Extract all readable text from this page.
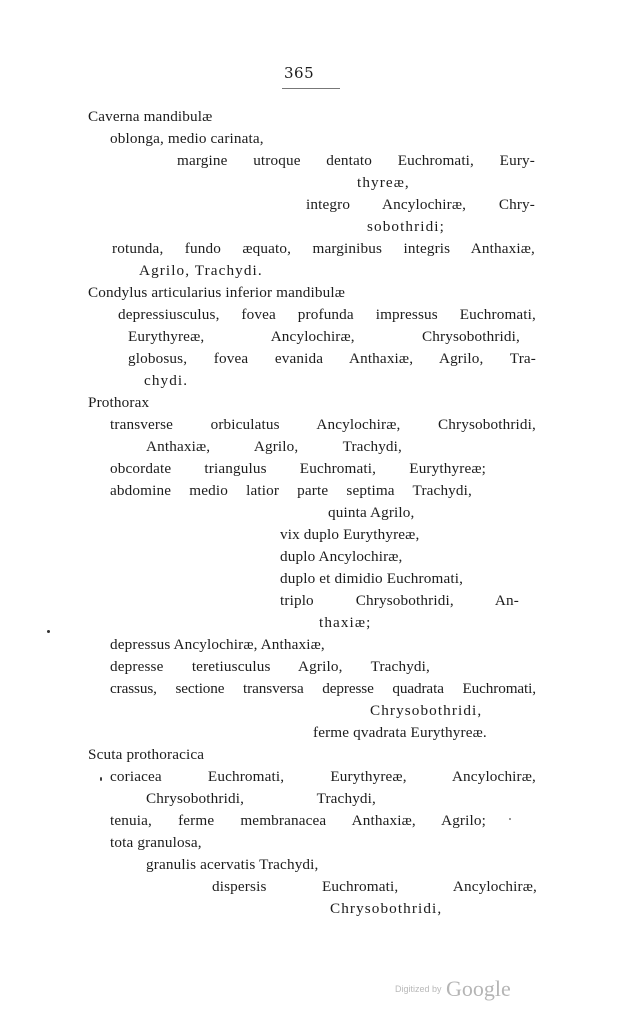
365
Caverna mandibulæ
oblonga, medio carinata,
margine utroque dentato Euchromati, Eury-
thyreæ,
integro Ancylochiræ, Chry-
sobothridi;
rotunda, fundo æquato, marginibus integris Anthaxiæ,
Agrilo, Trachydi.
Condylus articularius inferior mandibulæ
depressiusculus, fovea profunda impressus Euchromati,
Eurythyreæ, Ancylochiræ, Chrysobothridi,
globosus, fovea evanida Anthaxiæ, Agrilo, Tra-
chydi.
Prothorax
transverse orbiculatus Ancylochiræ, Chrysobothridi,
Anthaxiæ, Agrilo, Trachydi,
obcordate triangulus Euchromati, Eurythyreæ;
abdomine medio latior parte septima Trachydi,
quinta Agrilo,
vix duplo Eurythyreæ,
duplo Ancylochiræ,
duplo et dimidio Euchromati,
triplo Chrysobothridi, An-
thaxiæ;
depressus Ancylochiræ, Anthaxiæ,
depresse teretiusculus Agrilo, Trachydi,
crassus, sectione transversa depresse quadrata Euchromati,
Chrysobothridi,
ferme qvadrata Eurythyreæ.
Scuta prothoracica
coriacea Euchromati, Eurythyreæ, Ancylochiræ,
Chrysobothridi, Trachydi,
tenuia, ferme membranacea Anthaxiæ, Agrilo;
tota granulosa,
granulis acervatis Trachydi,
dispersis Euchromati, Ancylochiræ,
Chrysobothridi,
Digitized by Google
